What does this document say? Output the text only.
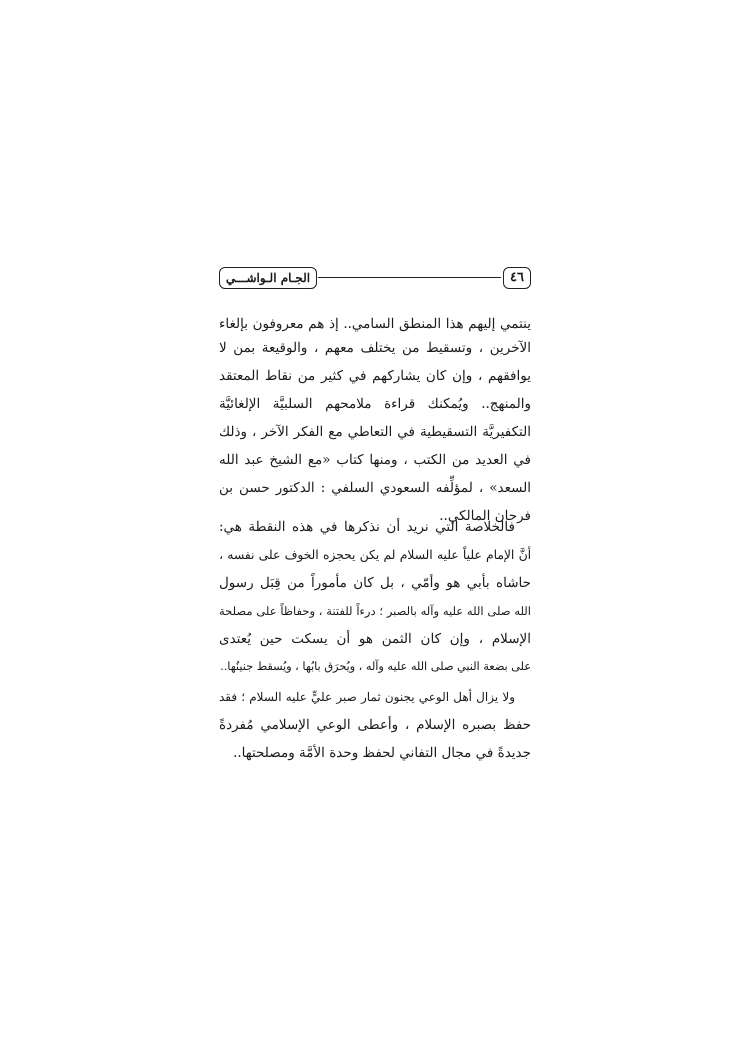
الجـام الـواشـــي	٤٦
ينتمي إليهم هذا المنطق السامي.. إذ هم معروفون بإلغاء
الآخرين ، وتسقيط من يختلف معهم ، والوقيعة بمن لا
يوافقهم ، وإن كان يشاركهم في كثير من نقاط المعتقد
والمنهج.. ويُمكنك قراءة ملامحهم السلبيَّة الإلغائيَّة
التكفيريَّة التسقيطية في التعاطي مع الفكر الآخر ، وذلك
في العديد من الكتب ، ومنها كتاب «مع الشيخ عبد الله
السعد» ، لمؤلِّفه السعودي السلفي : الدكتور حسن بن
فرحان المالكي..
فالخلاصة التي نريد أن نذكرها في هذه النقطة هي:
أنَّ الإمام علياً عليه السلام لم يكن يحجزه الخوف على نفسه ،
حاشاه بأبي هو وأمّي ، بل كان مأموراً من قِبَل رسول
الله صلى الله عليه وآله بالصبر ؛ درءاً للفتنة ، وحفاظاً على مصلحة
الإسلام ، وإن كان الثمن هو أن يسكت حين يُعتدى
على بضعة النبي صلى الله عليه وآله ، ويُحرَق بابُها ، ويُسقط جنينُها..
ولا يزال أهل الوعي يجنون ثمار صبر عليٍّ عليه السلام ؛ فقد
حفظ بصبره الإسلام ، وأعطى الوعي الإسلامي مُفردةً
جديدةً في مجال التفاني لحفظ وحدة الأمَّة ومصلحتها..
